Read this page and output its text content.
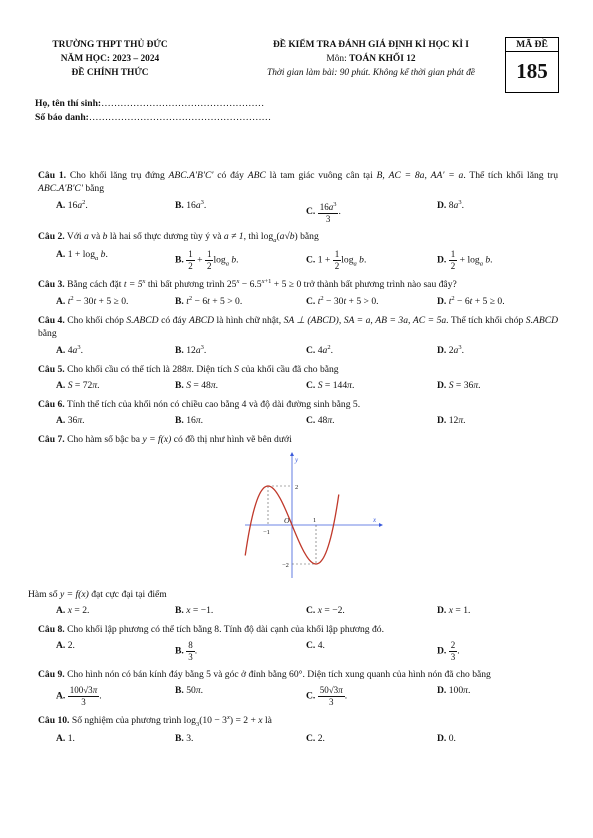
TRƯỜNG THPT THỦ ĐỨC
NĂM HỌC: 2023 – 2024
ĐỀ CHÍNH THỨC
ĐỀ KIỂM TRA ĐÁNH GIÁ ĐỊNH KÌ HỌC KÌ I
Môn: TOÁN KHỐI 12
Thời gian làm bài: 90 phút. Không kể thời gian phát đề
MÃ ĐỀ
185
Họ, tên thí sinh:……………………………………………
Số báo danh:…………………………………………………
Câu 1. Cho khối lăng trụ đứng ABC.A′B′C′ có đáy ABC là tam giác vuông cân tại B, AC = 8a, AA′ = a. Thể tích khối lăng trụ ABC.A′B′C′ bằng
A. $16a^2$.	B. $16a^3$.
C. $\frac{16a^3}{3}$ .
D. $8a^3$.
Câu 2. Với a và b là hai số thực dương tùy ý và a ≠ 1, thì $\log_a(a√b)$ bằng
A. $1 + \log_a b$.
B. $\frac{1}{2} + \frac{1}{2} \log_a b$.	C. $1 + \frac{1}{2} \log_a b$.	D. $\frac{1}{2} + \log_a b$.
Câu 3. Bằng cách đặt $t = 5^x$ thì bất phương trình $25^x - 6.5^{x+1} + 5 \ge 0$ trở thành bất phương trình nào sau đây?
A. $t^2 - 30t + 5 \ge 0$.	B. $t^2 - 6t + 5 > 0$.	C. $t^2 - 30t + 5 > 0$.	D. $t^2 - 6t + 5 \ge 0$.
Câu 4. Cho khối chóp S.ABCD có đáy ABCD là hình chữ nhật, SA ⊥ (ABCD), SA = a, AB = 3a, AC = 5a. Thể tích khối chóp S.ABCD bằng
A. $4a^3$.	B. $12a^3$.	C. $4a^2$.	D. $2a^3$.
Câu 5. Cho khối cầu có thể tích là 288π. Diện tích S của khối cầu đã cho bằng
A. S = 72π.	B. S = 48π.	C. S = 144π.	D. S = 36π.
Câu 6. Tính thể tích của khối nón có chiều cao bằng 4 và độ dài đường sinh bằng 5.
A. 36π.	B. 16π.	C. 48π.	D. 12π.
Câu 7. Cho hàm số bậc ba y = f(x) có đồ thị như hình vẽ bên dưới
y
x
O
2
−2
−1
1
Hàm số y = f(x) đạt cực đại tại điểm
A. x = 2.	B. x = −1.	C. x = −2.	D. x = 1.
Câu 8. Cho khối lập phương có thể tích bằng 8. Tính độ dài cạnh của khối lập phương đó.
A. 2.
B. $\frac{8}{3}$ .
C. 4.
D. $\frac{2}{3}$ .
Câu 9. Cho hình nón có bán kính đáy bằng 5 và góc ở đỉnh bằng 60°. Diện tích xung quanh của hình nón đã cho bằng
A. $\frac{100√3\pi}{3}$ .
B. 50π.
C. $\frac{50√3\pi}{3}$ .
D. 100π.
Câu 10. Số nghiệm của phương trình $\log_3(10 - 3^x) = 2 + x$ là
A. 1.	B. 3.	C. 2.	D. 0.
